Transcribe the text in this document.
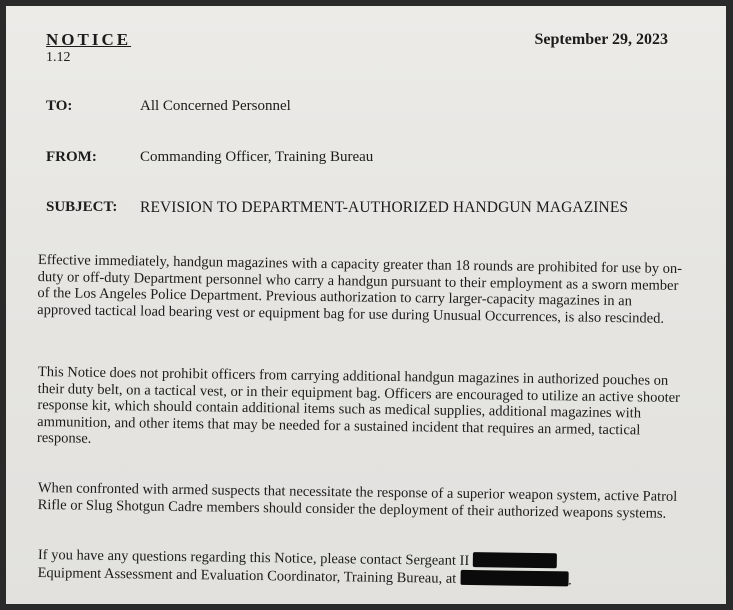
NOTICE
1.12
September 29, 2023
TO:	All Concerned Personnel
FROM:	Commanding Officer, Training Bureau
SUBJECT: REVISION TO DEPARTMENT-AUTHORIZED HANDGUN MAGAZINES

Effective immediately, handgun magazines with a capacity greater than 18 rounds are prohibited for use by on-duty or off-duty Department personnel who carry a handgun pursuant to their employment as a sworn member of the Los Angeles Police Department. Previous authorization to carry larger-capacity magazines in an approved tactical load bearing vest or equipment bag for use during Unusual Occurrences, is also rescinded.

This Notice does not prohibit officers from carrying additional handgun magazines in authorized pouches on their duty belt, on a tactical vest, or in their equipment bag. Officers are encouraged to utilize an active shooter response kit, which should contain additional items such as medical supplies, additional magazines with ammunition, and other items that may be needed for a sustained incident that requires an armed, tactical response.

When confronted with armed suspects that necessitate the response of a superior weapon system, active Patrol Rifle or Slug Shotgun Cadre members should consider the deployment of their authorized weapons systems.

If you have any questions regarding this Notice, please contact Sergeant II

Equipment Assessment and Evaluation Coordinator, Training Bureau, at	.
